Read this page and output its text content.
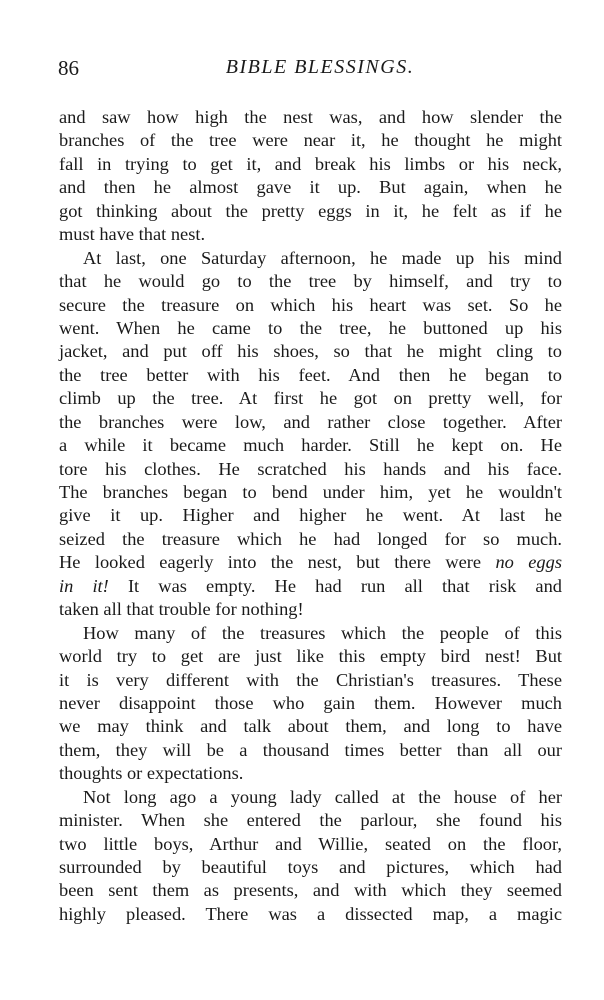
86	BIBLE BLESSINGS.
and saw how high the nest was, and how slender the
branches of the tree were near it, he thought he might
fall in trying to get it, and break his limbs or his neck,
and then he almost gave it up. But again, when he
got thinking about the pretty eggs in it, he felt as if he
must have that nest.
At last, one Saturday afternoon, he made up his mind
that he would go to the tree by himself, and try to
secure the treasure on which his heart was set. So he
went. When he came to the tree, he buttoned up his
jacket, and put off his shoes, so that he might cling to
the tree better with his feet. And then he began to
climb up the tree. At first he got on pretty well, for
the branches were low, and rather close together. After
a while it became much harder. Still he kept on. He
tore his clothes. He scratched his hands and his face.
The branches began to bend under him, yet he wouldn't
give it up. Higher and higher he went. At last he
seized the treasure which he had longed for so much.
He looked eagerly into the nest, but there were no eggs
in it! It was empty. He had run all that risk and
taken all that trouble for nothing!
How many of the treasures which the people of this
world try to get are just like this empty bird nest! But
it is very different with the Christian's treasures. These
never disappoint those who gain them. However much
we may think and talk about them, and long to have
them, they will be a thousand times better than all our
thoughts or expectations.
Not long ago a young lady called at the house of her
minister. When she entered the parlour, she found his
two little boys, Arthur and Willie, seated on the floor,
surrounded by beautiful toys and pictures, which had
been sent them as presents, and with which they seemed
highly pleased. There was a dissected map, a magic
